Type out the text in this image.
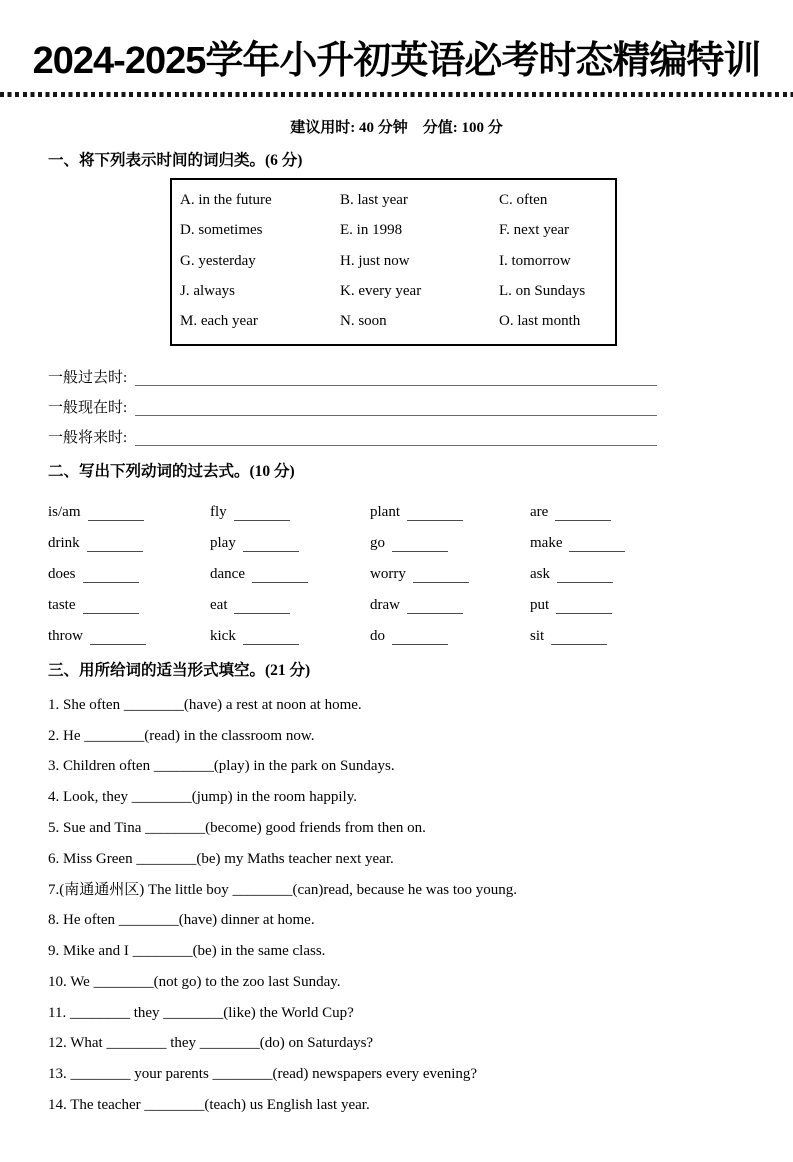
2024-2025学年小升初英语必考时态精编特训
建议用时: 40 分钟　分值: 100 分
一、将下列表示时间的词归类。(6 分)
A. in the future	B. last year	C. often
D. sometimes	E. in 1998	F. next year
G. yesterday	H. just now	I. tomorrow
J. always	K. every year	L. on Sundays
M. each year	N. soon	O. last month
一般过去时:
一般现在时:
一般将来时:
二、写出下列动词的过去式。(10 分)
is/am	fly	plant	are
drink	play	go	make
does	dance	worry	ask
taste	eat	draw	put
throw	kick	do	sit
三、用所给词的适当形式填空。(21 分)
1. She often ________(have) a rest at noon at home.
2. He ________(read) in the classroom now.
3. Children often ________(play) in the park on Sundays.
4. Look, they ________(jump) in the room happily.
5. Sue and Tina ________(become) good friends from then on.
6. Miss Green ________(be) my Maths teacher next year.
7.(南通通州区) The little boy ________(can)read, because he was too young.
8. He often ________(have) dinner at home.
9. Mike and I ________(be) in the same class.
10. We ________(not go) to the zoo last Sunday.
11. ________ they ________(like) the World Cup?
12. What ________ they ________(do) on Saturdays?
13. ________ your parents ________(read) newspapers every evening?
14. The teacher ________(teach) us English last year.
